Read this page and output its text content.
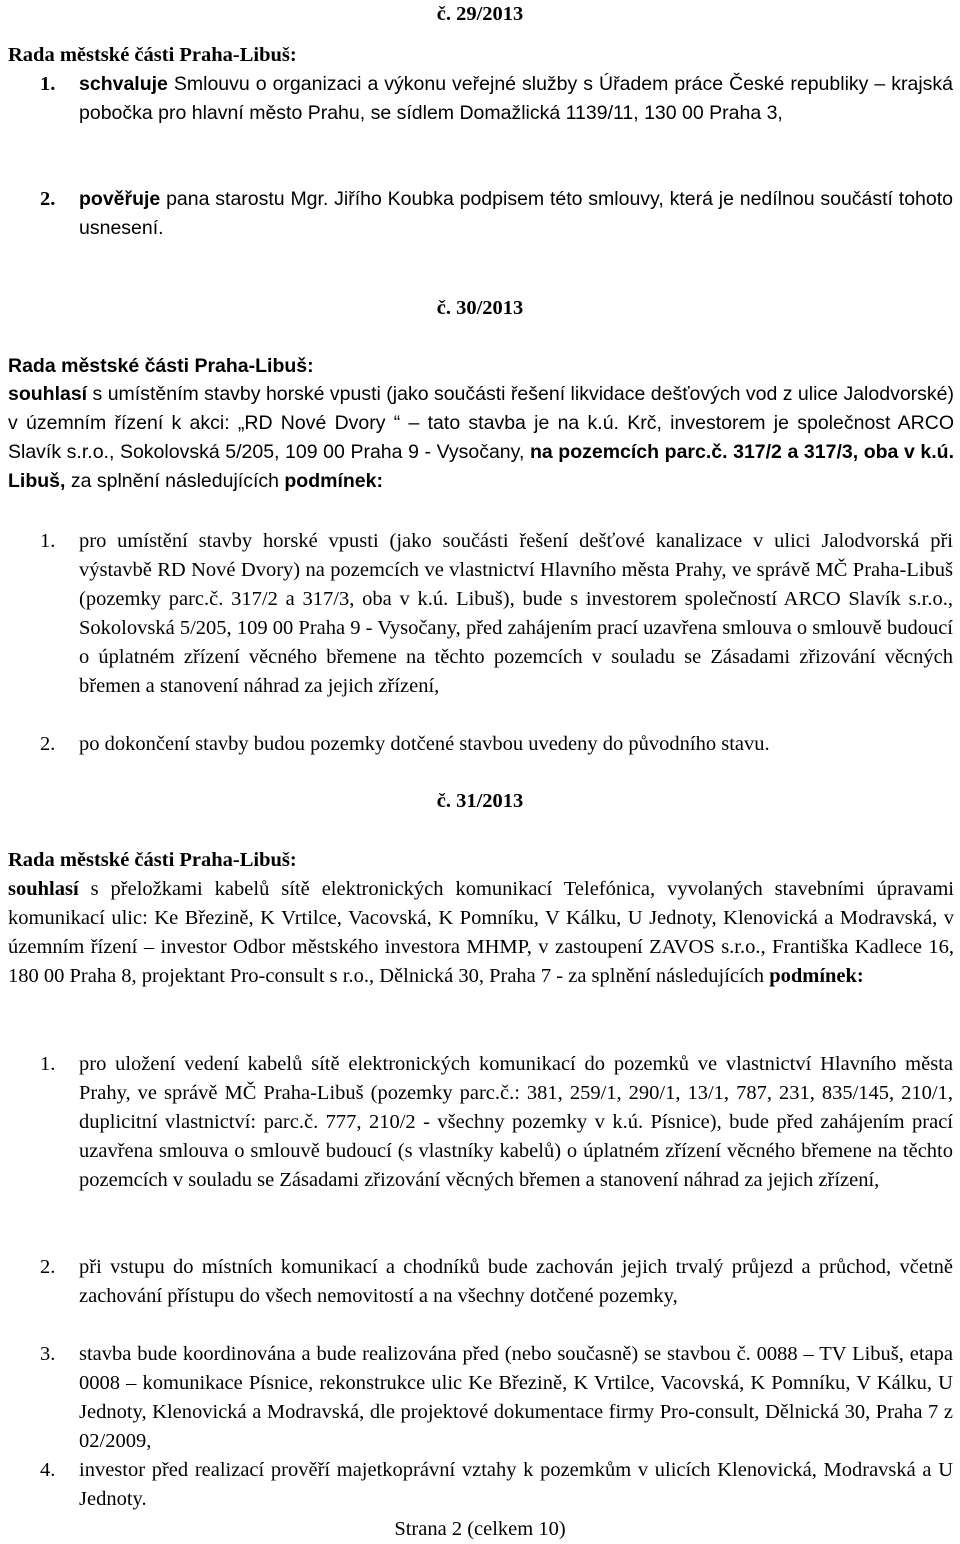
č. 29/2013
Rada městské části Praha-Libuš:
1. schvaluje Smlouvu o organizaci a výkonu veřejné služby s Úřadem práce České republiky – krajská pobočka pro hlavní město Prahu, se sídlem Domažlická 1139/11, 130 00 Praha 3,

2. pověřuje pana starostu Mgr. Jiřího Koubka podpisem této smlouvy, která je nedílnou součástí tohoto usnesení.

č. 30/2013
Rada městské části Praha-Libuš:

souhlasí s umístěním stavby horské vpusti (jako součásti řešení likvidace dešťových vod z ulice Jalodvorské) v územním řízení k akci: „RD Nové Dvory “ – tato stavba je na k.ú. Krč, investorem je společnost ARCO Slavík s.r.o., Sokolovská 5/205, 109 00 Praha 9 - Vysočany, na pozemcích parc.č. 317/2 a 317/3, oba v k.ú. Libuš, za splnění následujících podmínek:

1. pro umístění stavby horské vpusti (jako součásti řešení dešťové kanalizace v ulici Jalodvorská při výstavbě RD Nové Dvory) na pozemcích ve vlastnictví Hlavního města Prahy, ve správě MČ Praha-Libuš (pozemky parc.č. 317/2 a 317/3, oba v k.ú. Libuš), bude s investorem společností ARCO Slavík s.r.o., Sokolovská 5/205, 109 00 Praha 9 - Vysočany, před zahájením prací uzavřena smlouva o smlouvě budoucí o úplatném zřízení věcného břemene na těchto pozemcích v souladu se Zásadami zřizování věcných břemen a stanovení náhrad za jejich zřízení,

2. po dokončení stavby budou pozemky dotčené stavbou uvedeny do původního stavu.

č. 31/2013
Rada městské části Praha-Libuš:

souhlasí s přeložkami kabelů sítě elektronických komunikací Telefónica, vyvolaných stavebními úpravami komunikací ulic: Ke Březině, K Vrtilce, Vacovská, K Pomníku, V Kálku, U Jednoty, Klenovická a Modravská, v územním řízení – investor Odbor městského investora MHMP, v zastoupení ZAVOS s.r.o., Františka Kadlece 16, 180 00 Praha 8, projektant Pro-consult s r.o., Dělnická 30, Praha 7 - za splnění následujících podmínek:

1. pro uložení vedení kabelů sítě elektronických komunikací do pozemků ve vlastnictví Hlavního města Prahy, ve správě MČ Praha-Libuš (pozemky parc.č.: 381, 259/1, 290/1, 13/1, 787, 231, 835/145, 210/1, duplicitní vlastnictví: parc.č. 777, 210/2 - všechny pozemky v k.ú. Písnice), bude před zahájením prací uzavřena smlouva o smlouvě budoucí (s vlastníky kabelů) o úplatném zřízení věcného břemene na těchto pozemcích v souladu se Zásadami zřizování věcných břemen a stanovení náhrad za jejich zřízení,

2. při vstupu do místních komunikací a chodníků bude zachován jejich trvalý průjezd a průchod, včetně zachování přístupu do všech nemovitostí a na všechny dotčené pozemky,

3. stavba bude koordinována a bude realizována před (nebo současně) se stavbou č. 0088 – TV Libuš, etapa 0008 – komunikace Písnice, rekonstrukce ulic Ke Březině, K Vrtilce, Vacovská, K Pomníku, V Kálku, U Jednoty, Klenovická a Modravská, dle projektové dokumentace firmy Pro-consult, Dělnická 30, Praha 7 z 02/2009,

4. investor před realizací prověří majetkoprávní vztahy k pozemkům v ulicích Klenovická, Modravská a U Jednoty.

Strana 2 (celkem 10)
